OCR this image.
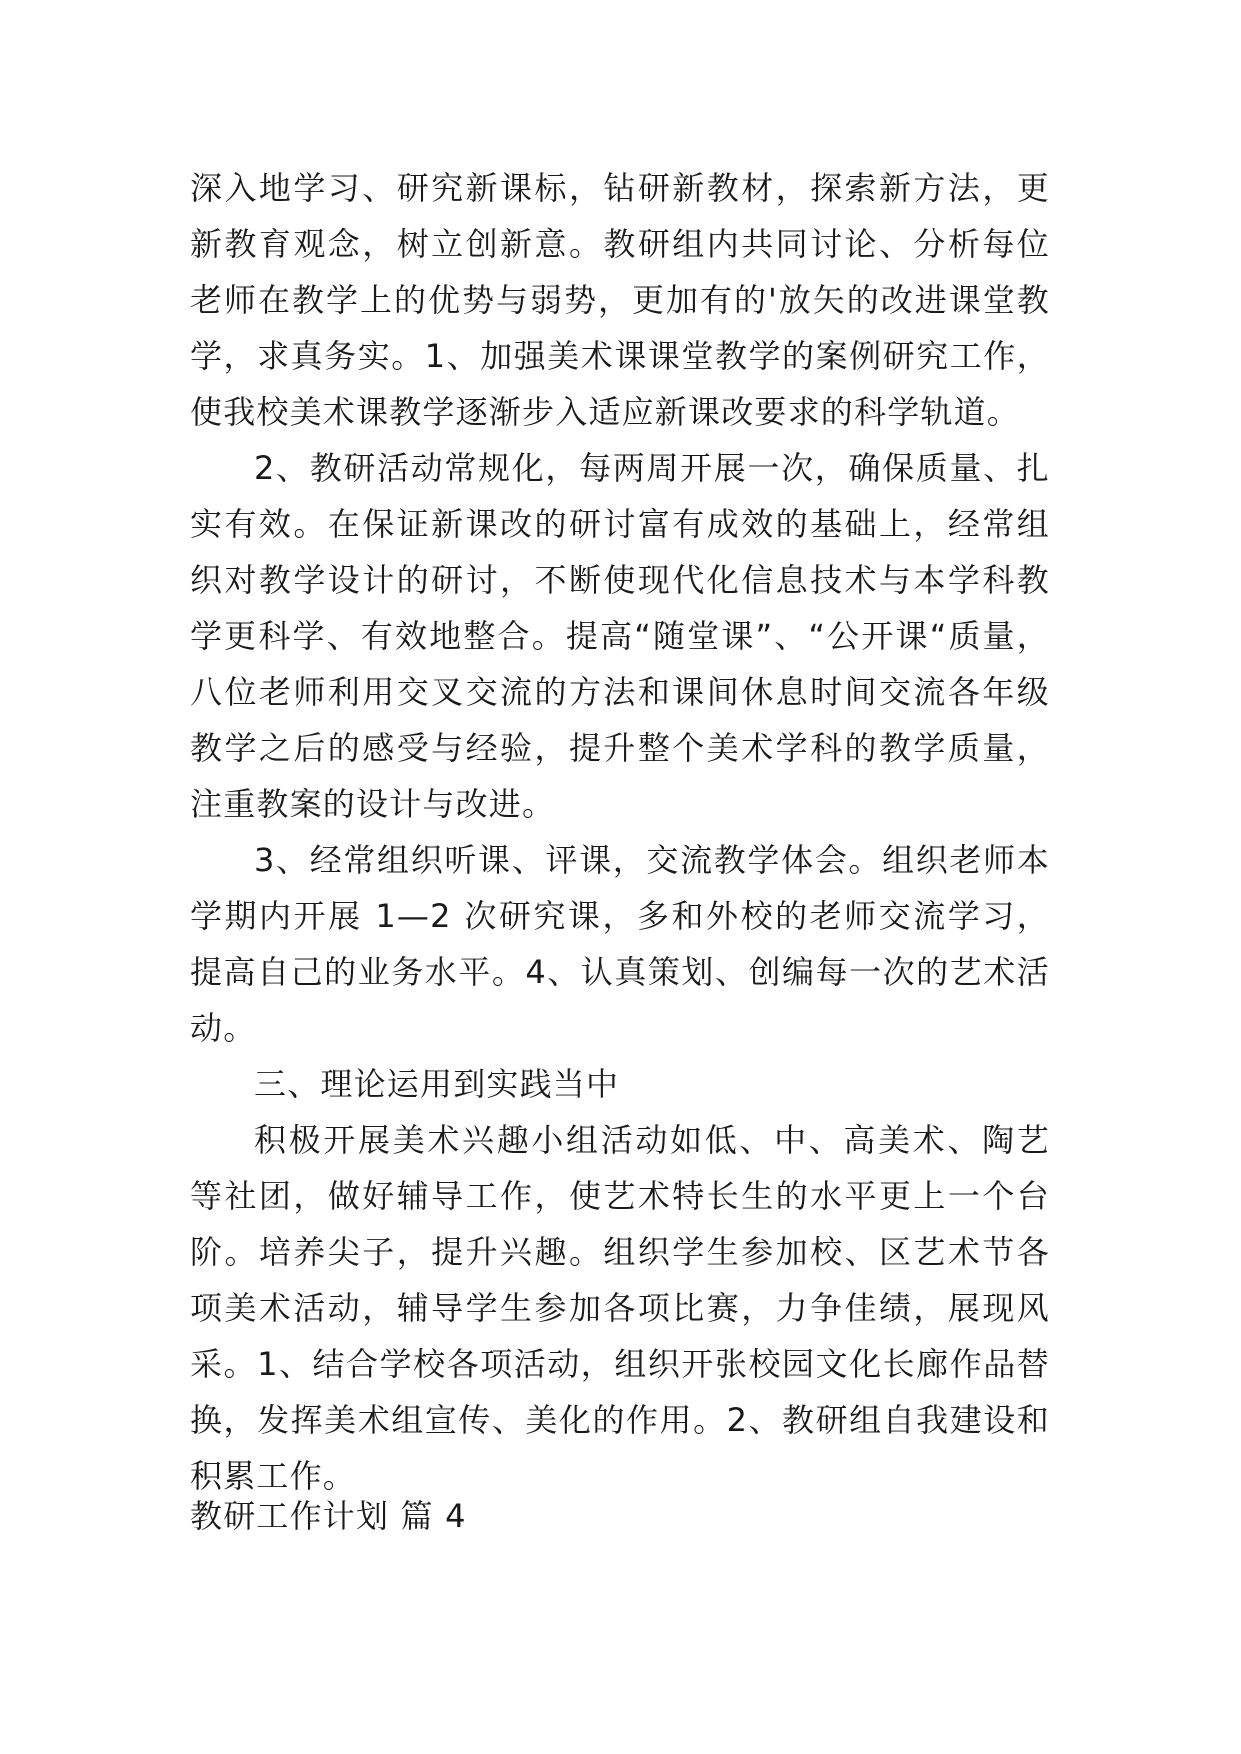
深入地学习、研究新课标，钻研新教材，探索新方法，更新教育观念，树立创新意。教研组内共同讨论、分析每位老师在教学上的优势与弱势，更加有的'放矢的改进课堂教学，求真务实。1、加强美术课课堂教学的案例研究工作，使我校美术课教学逐渐步入适应新课改要求的科学轨道。

2、教研活动常规化，每两周开展一次，确保质量、扎实有效。在保证新课改的研讨富有成效的基础上，经常组织对教学设计的研讨，不断使现代化信息技术与本学科教学更科学、有效地整合。提高“随堂课”、“公开课“质量，八位老师利用交叉交流的方法和课间休息时间交流各年级教学之后的感受与经验，提升整个美术学科的教学质量，注重教案的设计与改进。

3、经常组织听课、评课，交流教学体会。组织老师本学期内开展 1—2 次研究课，多和外校的老师交流学习，提高自己的业务水平。4、认真策划、创编每一次的艺术活动。

三、理论运用到实践当中

积极开展美术兴趣小组活动如低、中、高美术、陶艺等社团，做好辅导工作，使艺术特长生的水平更上一个台阶。培养尖子，提升兴趣。组织学生参加校、区艺术节各项美术活动，辅导学生参加各项比赛，力争佳绩，展现风采。1、结合学校各项活动，组织开张校园文化长廊作品替换，发挥美术组宣传、美化的作用。2、教研组自我建设和积累工作。

教研工作计划 篇 4
